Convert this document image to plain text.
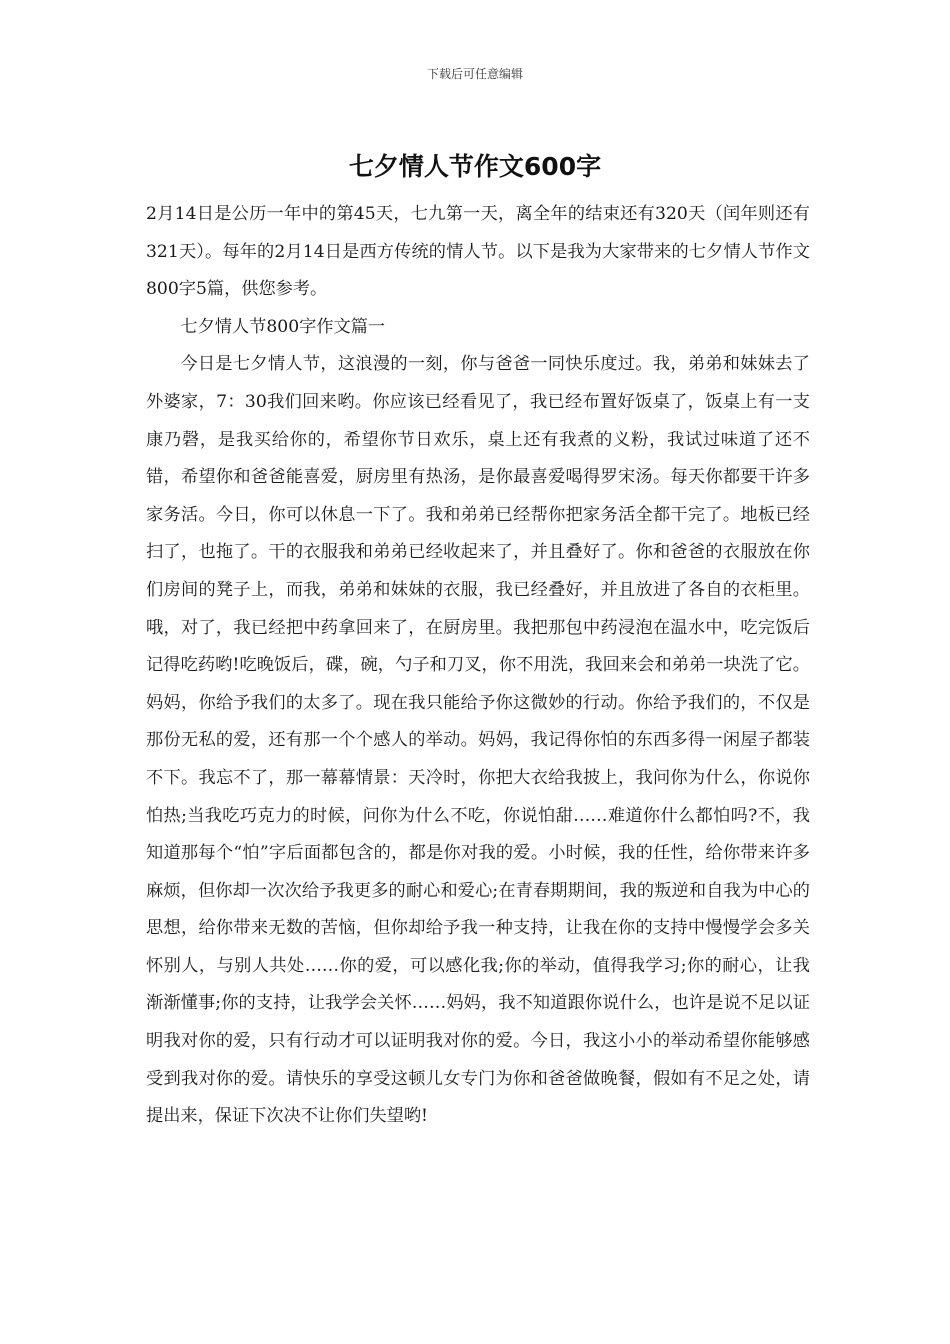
下载后可任意编辑
七夕情人节作文600字

2月14日是公历一年中的第45天，七九第一天，离全年的结束还有320天（闰年则还有321天）。每年的2月14日是西方传统的情人节。以下是我为大家带来的七夕情人节作文800字5篇，供您参考。

七夕情人节800字作文篇一

今日是七夕情人节，这浪漫的一刻，你与爸爸一同快乐度过。我，弟弟和妹妹去了外婆家，7：30我们回来哟。你应该已经看见了，我已经布置好饭桌了，饭桌上有一支康乃磬，是我买给你的，希望你节日欢乐，桌上还有我煮的义粉，我试过味道了还不错，希望你和爸爸能喜爱，厨房里有热汤，是你最喜爱喝得罗宋汤。每天你都要干许多家务活。今日，你可以休息一下了。我和弟弟已经帮你把家务活全都干完了。地板已经扫了，也拖了。干的衣服我和弟弟已经收起来了，并且叠好了。你和爸爸的衣服放在你们房间的凳子上，而我，弟弟和妹妹的衣服，我已经叠好，并且放进了各自的衣柜里。哦，对了，我已经把中药拿回来了，在厨房里。我把那包中药浸泡在温水中，吃完饭后记得吃药哟!吃晚饭后，碟，碗，勺子和刀叉，你不用洗，我回来会和弟弟一块洗了它。妈妈，你给予我们的太多了。现在我只能给予你这微妙的行动。你给予我们的，不仅是那份无私的爱，还有那一个个感人的举动。妈妈，我记得你怕的东西多得一闲屋子都装不下。我忘不了，那一幕幕情景：天冷时，你把大衣给我披上，我问你为什么，你说你怕热;当我吃巧克力的时候，问你为什么不吃，你说怕甜……难道你什么都怕吗?不，我知道那每个“怕”字后面都包含的，都是你对我的爱。小时候，我的任性，给你带来许多麻烦，但你却一次次给予我更多的耐心和爱心;在青春期期间，我的叛逆和自我为中心的思想，给你带来无数的苦恼，但你却给予我一种支持，让我在你的支持中慢慢学会多关怀别人，与别人共处……你的爱，可以感化我;你的举动，值得我学习;你的耐心，让我渐渐懂事;你的支持，让我学会关怀……妈妈，我不知道跟你说什么，也许是说不足以证明我对你的爱，只有行动才可以证明我对你的爱。今日，我这小小的举动希望你能够感受到我对你的爱。请快乐的享受这顿儿女专门为你和爸爸做晚餐，假如有不足之处，请提出来，保证下次决不让你们失望哟!
